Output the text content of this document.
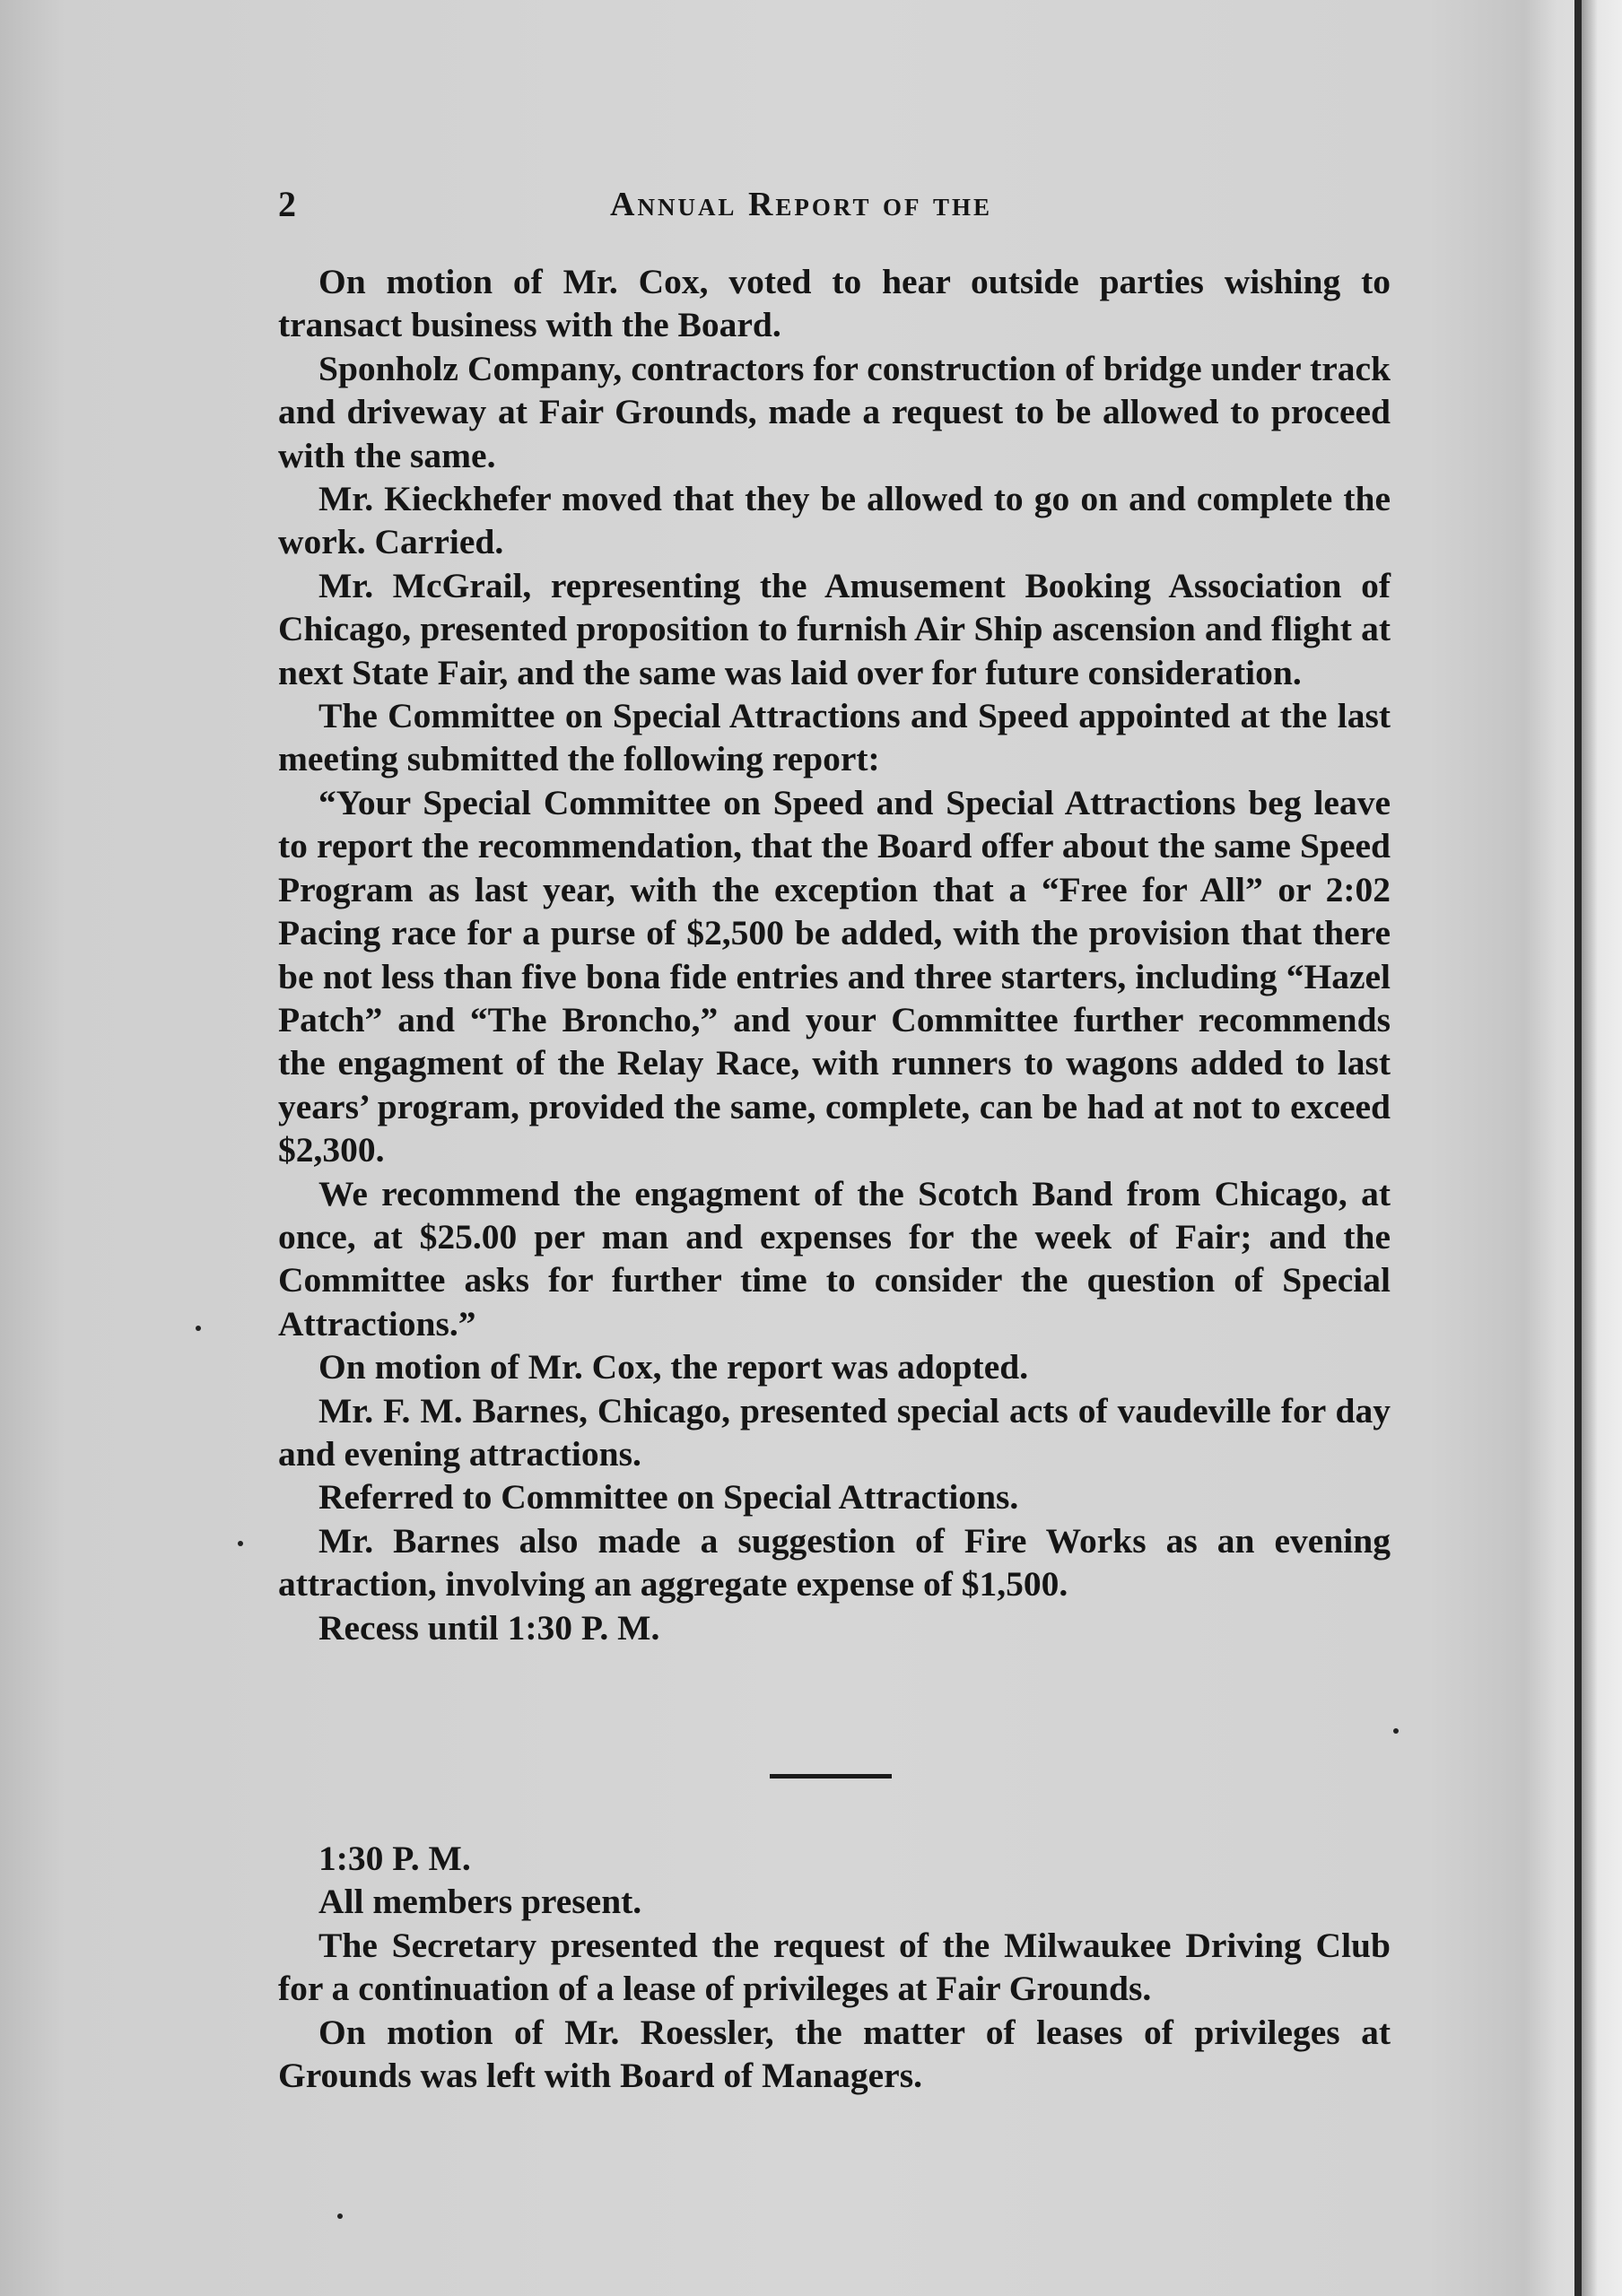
2	Annual Report of the

On motion of Mr. Cox, voted to hear outside parties wishing to transact business with the Board.

Sponholz Company, contractors for construction of bridge under track and driveway at Fair Grounds, made a request to be allowed to proceed with the same.

Mr. Kieckhefer moved that they be allowed to go on and complete the work. Carried.

Mr. McGrail, representing the Amusement Booking Association of Chicago, presented proposition to furnish Air Ship ascension and flight at next State Fair, and the same was laid over for future consideration.

The Committee on Special Attractions and Speed appointed at the last meeting submitted the following report:

“Your Special Committee on Speed and Special Attractions beg leave to report the recommendation, that the Board offer about the same Speed Program as last year, with the exception that a “Free for All” or 2:02 Pacing race for a purse of $2,500 be added, with the provision that there be not less than five bona fide entries and three starters, including “Hazel Patch” and “The Broncho,” and your Committee further recommends the engagment of the Relay Race, with runners to wagons added to last years’ program, provided the same, complete, can be had at not to exceed $2,300.

We recommend the engagment of the Scotch Band from Chicago, at once, at $25.00 per man and expenses for the week of Fair; and the Committee asks for further time to consider the question of Special Attractions.”

On motion of Mr. Cox, the report was adopted.

Mr. F. M. Barnes, Chicago, presented special acts of vaudeville for day and evening attractions.

Referred to Committee on Special Attractions.

Mr. Barnes also made a suggestion of Fire Works as an evening attraction, involving an aggregate expense of $1,500.

Recess until 1:30 P. M.

1:30 P. M.

All members present.

The Secretary presented the request of the Milwaukee Driving Club for a continuation of a lease of privileges at Fair Grounds.

On motion of Mr. Roessler, the matter of leases of privileges at Grounds was left with Board of Managers.
